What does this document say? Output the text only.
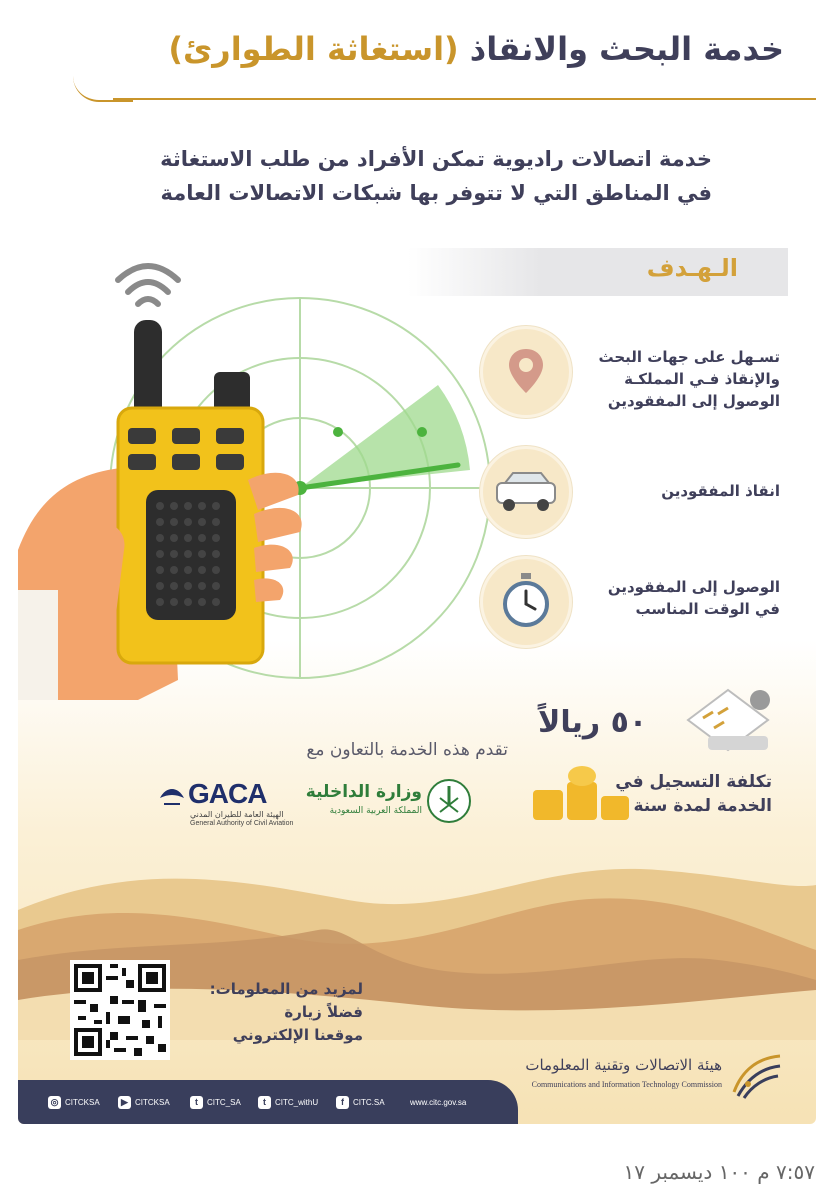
خدمة البحث والانقاذ (استغاثة الطوارئ)
خدمة اتصالات راديوية تمكن الأفراد من طلب الاستغاثة
في المناطق التي لا تتوفر بها شبكات الاتصالات العامة
الـهـدف
تسـهل على جهات البحث
والإنقاذ فـي المملكـة
الوصول إلى المفقودين
انقاذ المفقودين
الوصول إلى المفقودين
في الوقت المناسب
٥٠ ريالاً
تكلفة التسجيل في
الخدمة لمدة سنة
تقدم هذه الخدمة بالتعاون مع
وزارة الداخلية
المملكة العربية السعودية
GACA
الهيئة العامة للطيران المدني
General Authority of Civil Aviation
لمزيد من المعلومات:
فضلاً زيارة
موقعنا الإلكتروني
هيئة الاتصالات وتقنية المعلومات
Communications and Information Technology Commission
◎ CITCKSA	▶ CITCKSA	t	CITC_SA	t	CITC_withU	f	CITC.SA	www.citc.gov.sa
٧:٥٧ م ١٠٠ ديسمبر ١٧
